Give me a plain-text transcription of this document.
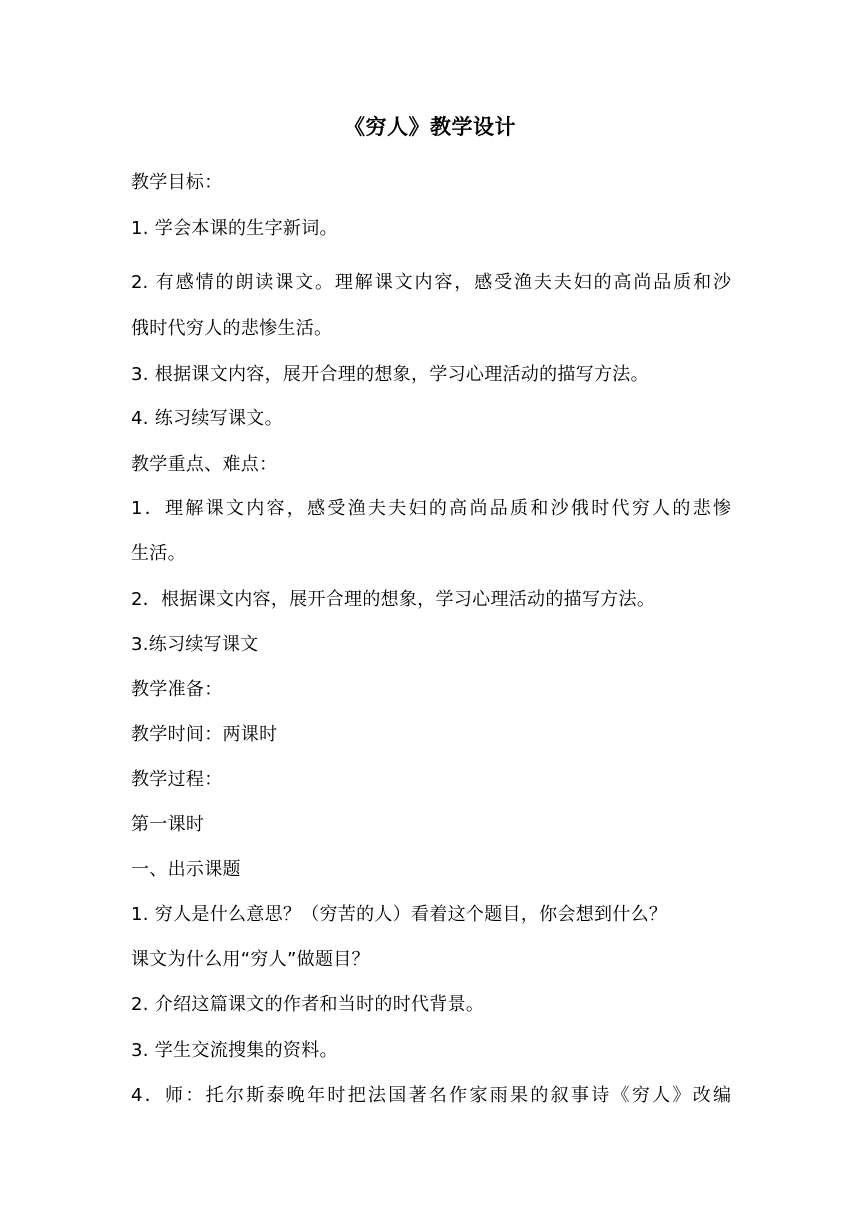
《穷人》教学设计
教学目标：
1. 学会本课的生字新词。
2. 有感情的朗读课文。理解课文内容，感受渔夫夫妇的高尚品质和沙
俄时代穷人的悲惨生活。
3. 根据课文内容，展开合理的想象，学习心理活动的描写方法。
4. 练习续写课文。
教学重点、难点：
1．理解课文内容，感受渔夫夫妇的高尚品质和沙俄时代穷人的悲惨
生活。
2．根据课文内容，展开合理的想象，学习心理活动的描写方法。
3.练习续写课文
教学准备：
教学时间：两课时
教学过程：
第一课时
一、出示课题
1. 穷人是什么意思？（穷苦的人）看着这个题目，你会想到什么？
课文为什么用“穷人”做题目？
2. 介绍这篇课文的作者和当时的时代背景。
3. 学生交流搜集的资料。
4．师：托尔斯泰晚年时把法国著名作家雨果的叙事诗《穷人》改编
